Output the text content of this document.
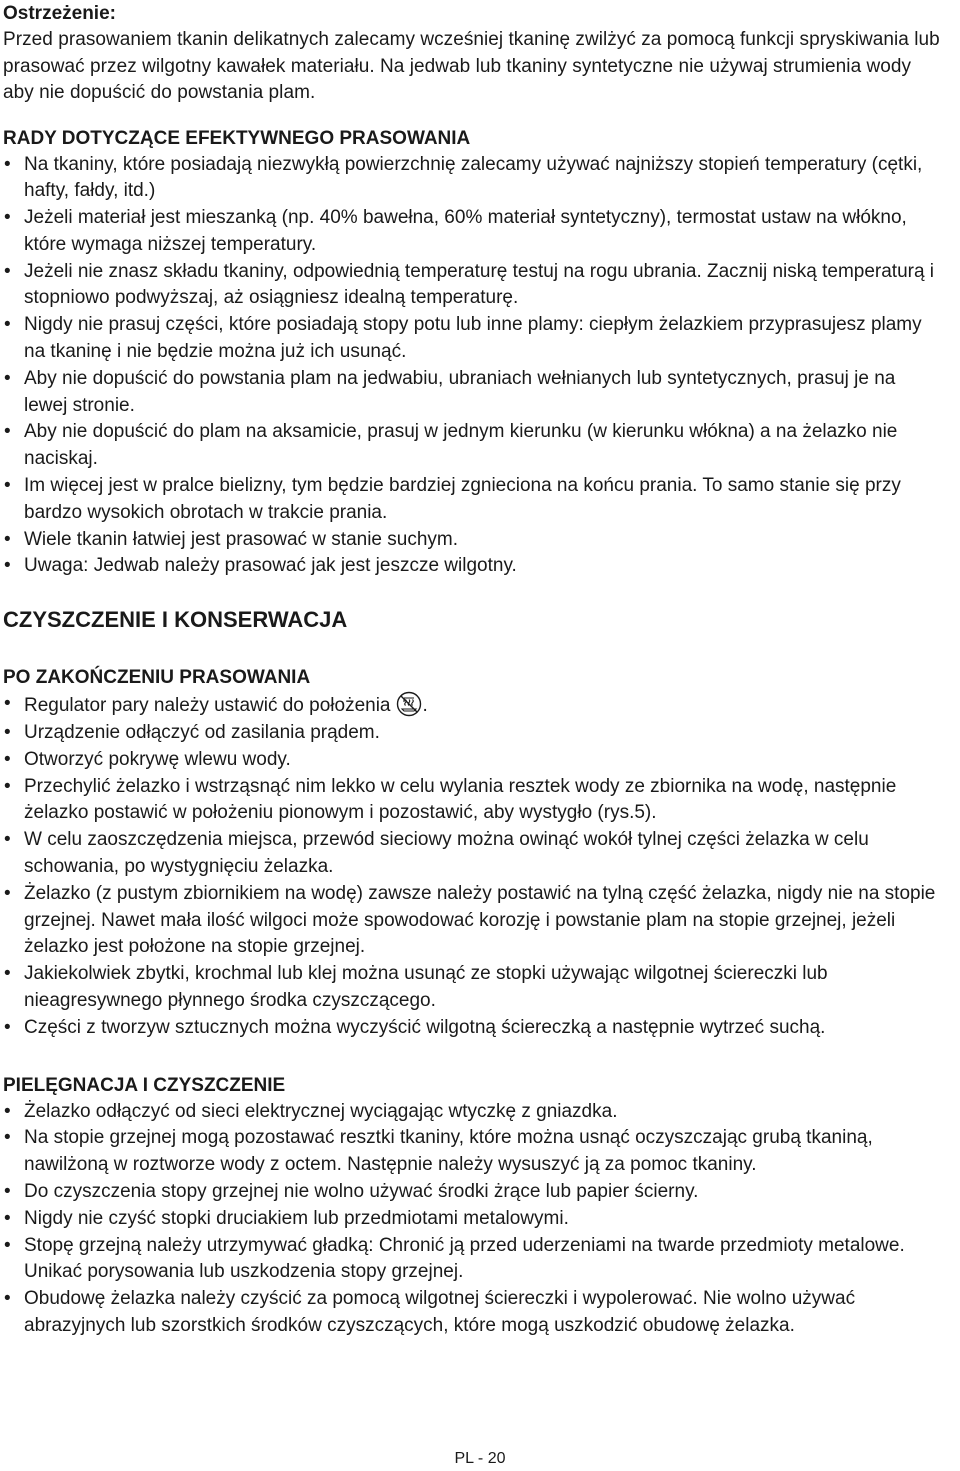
Ostrzeżenie:
Przed prasowaniem tkanin delikatnych zalecamy wcześniej tkaninę zwilżyć za pomocą funkcji spryskiwania lub prasować przez wilgotny kawałek materiału. Na jedwab lub tkaniny syntetyczne nie używaj strumienia wody aby nie dopuścić do powstania plam.
RADY DOTYCZĄCE EFEKTYWNEGO PRASOWANIA
• Na tkaniny, które posiadają niezwykłą powierzchnię zalecamy używać najniższy stopień temperatury (cętki, hafty, fałdy, itd.)
• Jeżeli materiał jest mieszanką (np. 40% bawełna, 60% materiał syntetyczny), termostat ustaw na włókno, które wymaga niższej temperatury.
• Jeżeli nie znasz składu tkaniny, odpowiednią temperaturę testuj na rogu ubrania. Zacznij niską temperaturą i stopniowo podwyższaj, aż osiągniesz idealną temperaturę.
• Nigdy nie prasuj części, które posiadają stopy potu lub inne plamy: ciepłym żelazkiem przyprasujesz plamy na tkaninę i nie będzie można już ich usunąć.
• Aby nie dopuścić do powstania plam na jedwabiu, ubraniach wełnianych lub syntetycznych, prasuj je na lewej stronie.
• Aby nie dopuścić do plam na aksamicie, prasuj w jednym kierunku (w kierunku włókna) a na żelazko nie naciskaj.
• Im więcej jest w pralce bielizny, tym będzie bardziej zgnieciona na końcu prania. To samo stanie się przy bardzo wysokich obrotach w trakcie prania.
• Wiele tkanin łatwiej jest prasować w stanie suchym.
• Uwaga: Jedwab należy prasować jak jest jeszcze wilgotny.
CZYSZCZENIE I KONSERWACJA
PO ZAKOŃCZENIU PRASOWANIA
• Regulator pary należy ustawić do położenia .
• Urządzenie odłączyć od zasilania prądem.
• Otworzyć pokrywę wlewu wody.
• Przechylić żelazko i wstrząsnąć nim lekko w celu wylania resztek wody ze zbiornika na wodę, następnie żelazko postawić w położeniu pionowym i pozostawić, aby wystygło (rys.5).
• W celu zaoszczędzenia miejsca, przewód sieciowy można owinąć wokół tylnej części żelazka w celu schowania, po wystygnięciu żelazka.
• Żelazko (z pustym zbiornikiem na wodę) zawsze należy postawić na tylną część żelazka, nigdy nie na stopie grzejnej. Nawet mała ilość wilgoci może spowodować korozję i powstanie plam na stopie grzejnej, jeżeli żelazko jest położone na stopie grzejnej.
• Jakiekolwiek zbytki, krochmal lub klej można usunąć ze stopki używając wilgotnej ściereczki lub nieagresywnego płynnego środka czyszczącego.
• Części z tworzyw sztucznych można wyczyścić wilgotną ściereczką a następnie wytrzeć suchą.
PIELĘGNACJA I CZYSZCZENIE
• Żelazko odłączyć od sieci elektrycznej wyciągając wtyczkę z gniazdka.
• Na stopie grzejnej mogą pozostawać resztki tkaniny, które można usnąć oczyszczając grubą tkaniną, nawilżoną w roztworze wody z octem. Następnie należy wysuszyć ją za pomoc tkaniny.
• Do czyszczenia stopy grzejnej nie wolno używać środki żrące lub papier ścierny.
• Nigdy nie czyść stopki druciakiem lub przedmiotami metalowymi.
• Stopę grzejną należy utrzymywać gładką: Chronić ją przed uderzeniami na twarde przedmioty metalowe. Unikać porysowania lub uszkodzenia stopy grzejnej.
• Obudowę żelazka należy czyścić za pomocą wilgotnej ściereczki i wypolerować. Nie wolno używać abrazyjnych lub szorstkich środków czyszczących, które mogą uszkodzić obudowę żelazka.
PL - 20
